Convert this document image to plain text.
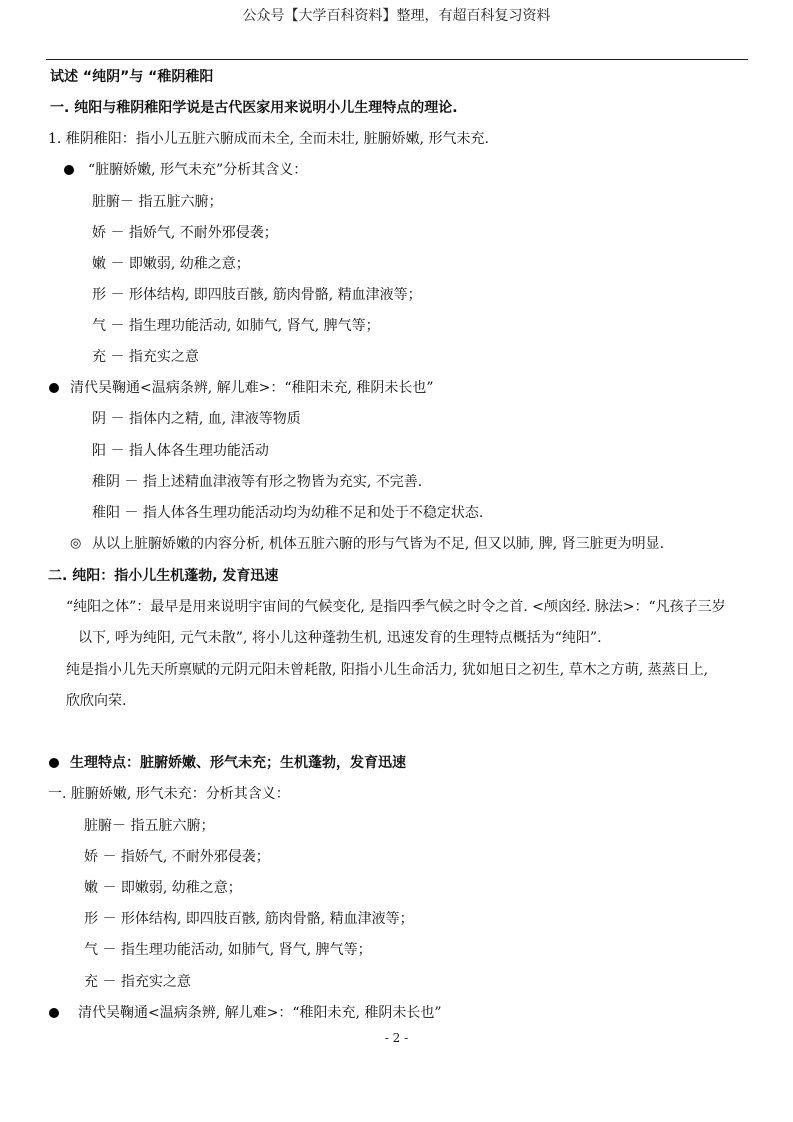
公众号【大学百科资料】整理，有超百科复习资料
试述 “纯阴”与 “稚阴稚阳
一. 纯阳与稚阴稚阳学说是古代医家用来说明小儿生理特点的理论.
1. 稚阴稚阳：指小儿五脏六腑成而未全, 全而未壮, 脏腑娇嫩, 形气未充.
“脏腑娇嫩, 形气未充”分析其含义：
脏腑－ 指五脏六腑；
娇 － 指娇气, 不耐外邪侵袭；
嫩 － 即嫩弱, 幼稚之意；
形 － 形体结构, 即四肢百骸, 筋肉骨骼, 精血津液等；
气 － 指生理功能活动, 如肺气, 肾气, 脾气等；
充 － 指充实之意
清代吴鞠通<温病条辨, 解儿难>：“稚阳未充, 稚阴未长也”
阴 － 指体内之精, 血, 津液等物质
阳 － 指人体各生理功能活动
稚阴 － 指上述精血津液等有形之物皆为充实, 不完善.
稚阳 － 指人体各生理功能活动均为幼稚不足和处于不稳定状态.
◎ 从以上脏腑娇嫩的内容分析, 机体五脏六腑的形与气皆为不足, 但又以肺, 脾, 肾三脏更为明显.
二. 纯阳：指小儿生机蓬勃, 发育迅速
“纯阳之体”：最早是用来说明宇宙间的气候变化, 是指四季气候之时令之首. <颅囟经. 脉法>：“凡孩子三岁
以下, 呼为纯阳, 元气未散”, 将小儿这种蓬勃生机, 迅速发育的生理特点概括为“纯阳”.
纯是指小儿先天所禀赋的元阴元阳未曾耗散, 阳指小儿生命活力, 犹如旭日之初生, 草木之方萌, 蒸蒸日上,
欣欣向荣.
生理特点：脏腑娇嫩、形气未充；生机蓬勃，发育迅速
一. 脏腑娇嫩, 形气未充：分析其含义：
脏腑－ 指五脏六腑；
娇 － 指娇气, 不耐外邪侵袭；
嫩 － 即嫩弱, 幼稚之意；
形 － 形体结构, 即四肢百骸, 筋肉骨骼, 精血津液等；
气 － 指生理功能活动, 如肺气, 肾气, 脾气等；
充 － 指充实之意
清代吴鞠通<温病条辨, 解儿难>：“稚阳未充, 稚阴未长也”
- 2 -
